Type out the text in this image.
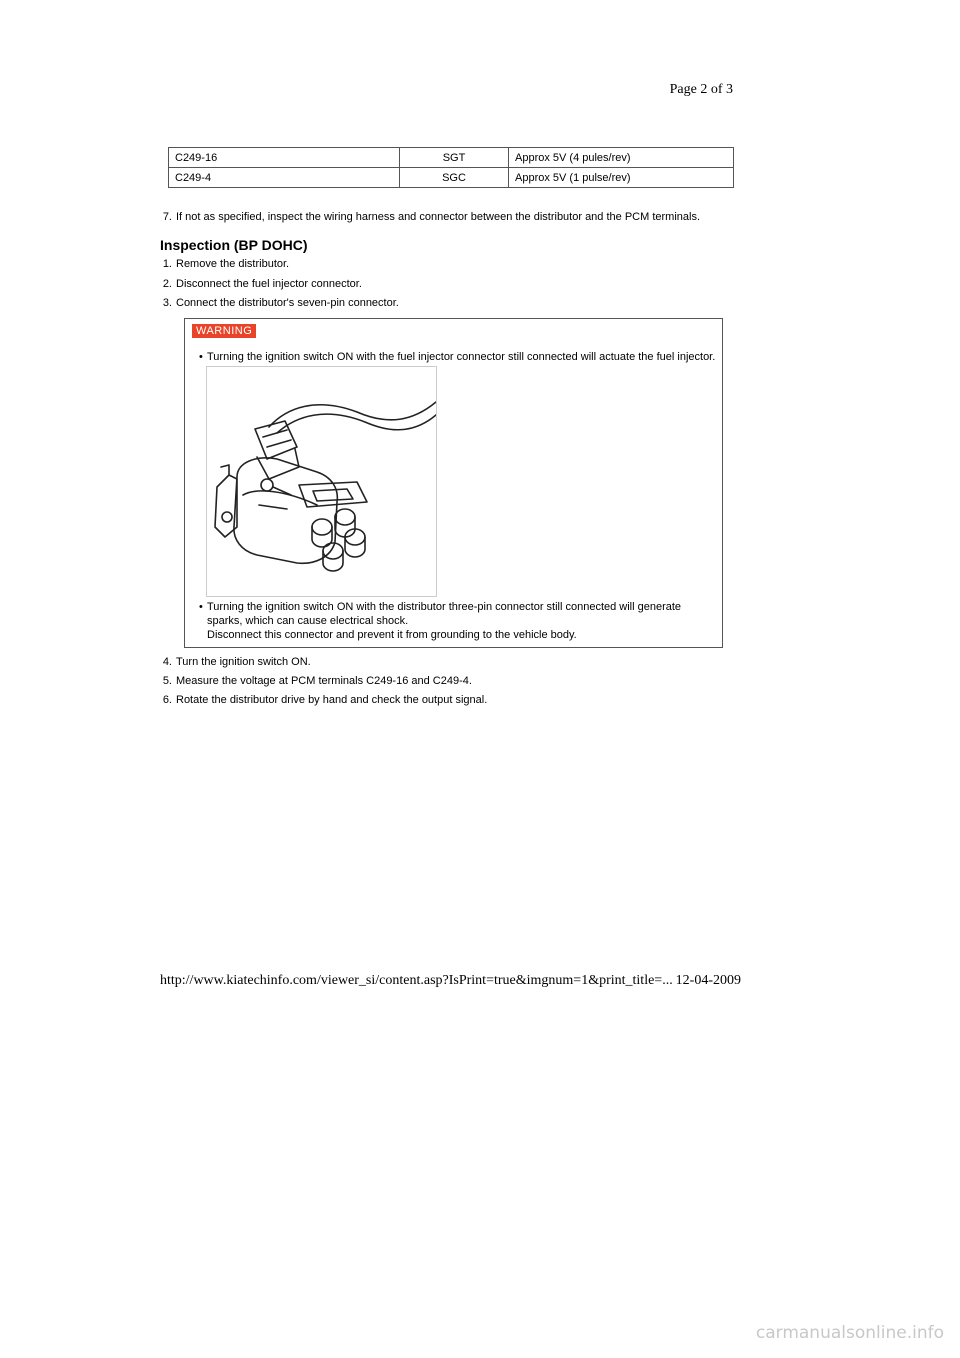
Page 2 of 3
C249-16	SGT	Approx 5V (4 pules/rev)
C249-4	SGC	Approx 5V (1 pulse/rev)
7. If not as specified, inspect the wiring harness and connector between the distributor and the PCM terminals.
Inspection (BP DOHC)
1. Remove the distributor.
2. Disconnect the fuel injector connector.
3. Connect the distributor's seven-pin connector.
WARNING
• Turning the ignition switch ON with the fuel injector connector still connected will actuate the fuel injector.
• Turning the ignition switch ON with the distributor three-pin connector still connected will generate
sparks, which can cause electrical shock.
Disconnect this connector and prevent it from grounding to the vehicle body.
4. Turn the ignition switch ON.
5. Measure the voltage at PCM terminals C249-16 and C249-4.
6. Rotate the distributor drive by hand and check the output signal.
http://www.kiatechinfo.com/viewer_si/content.asp?IsPrint=true&imgnum=1&print_title=... 12-04-2009
carmanualsonline.info
